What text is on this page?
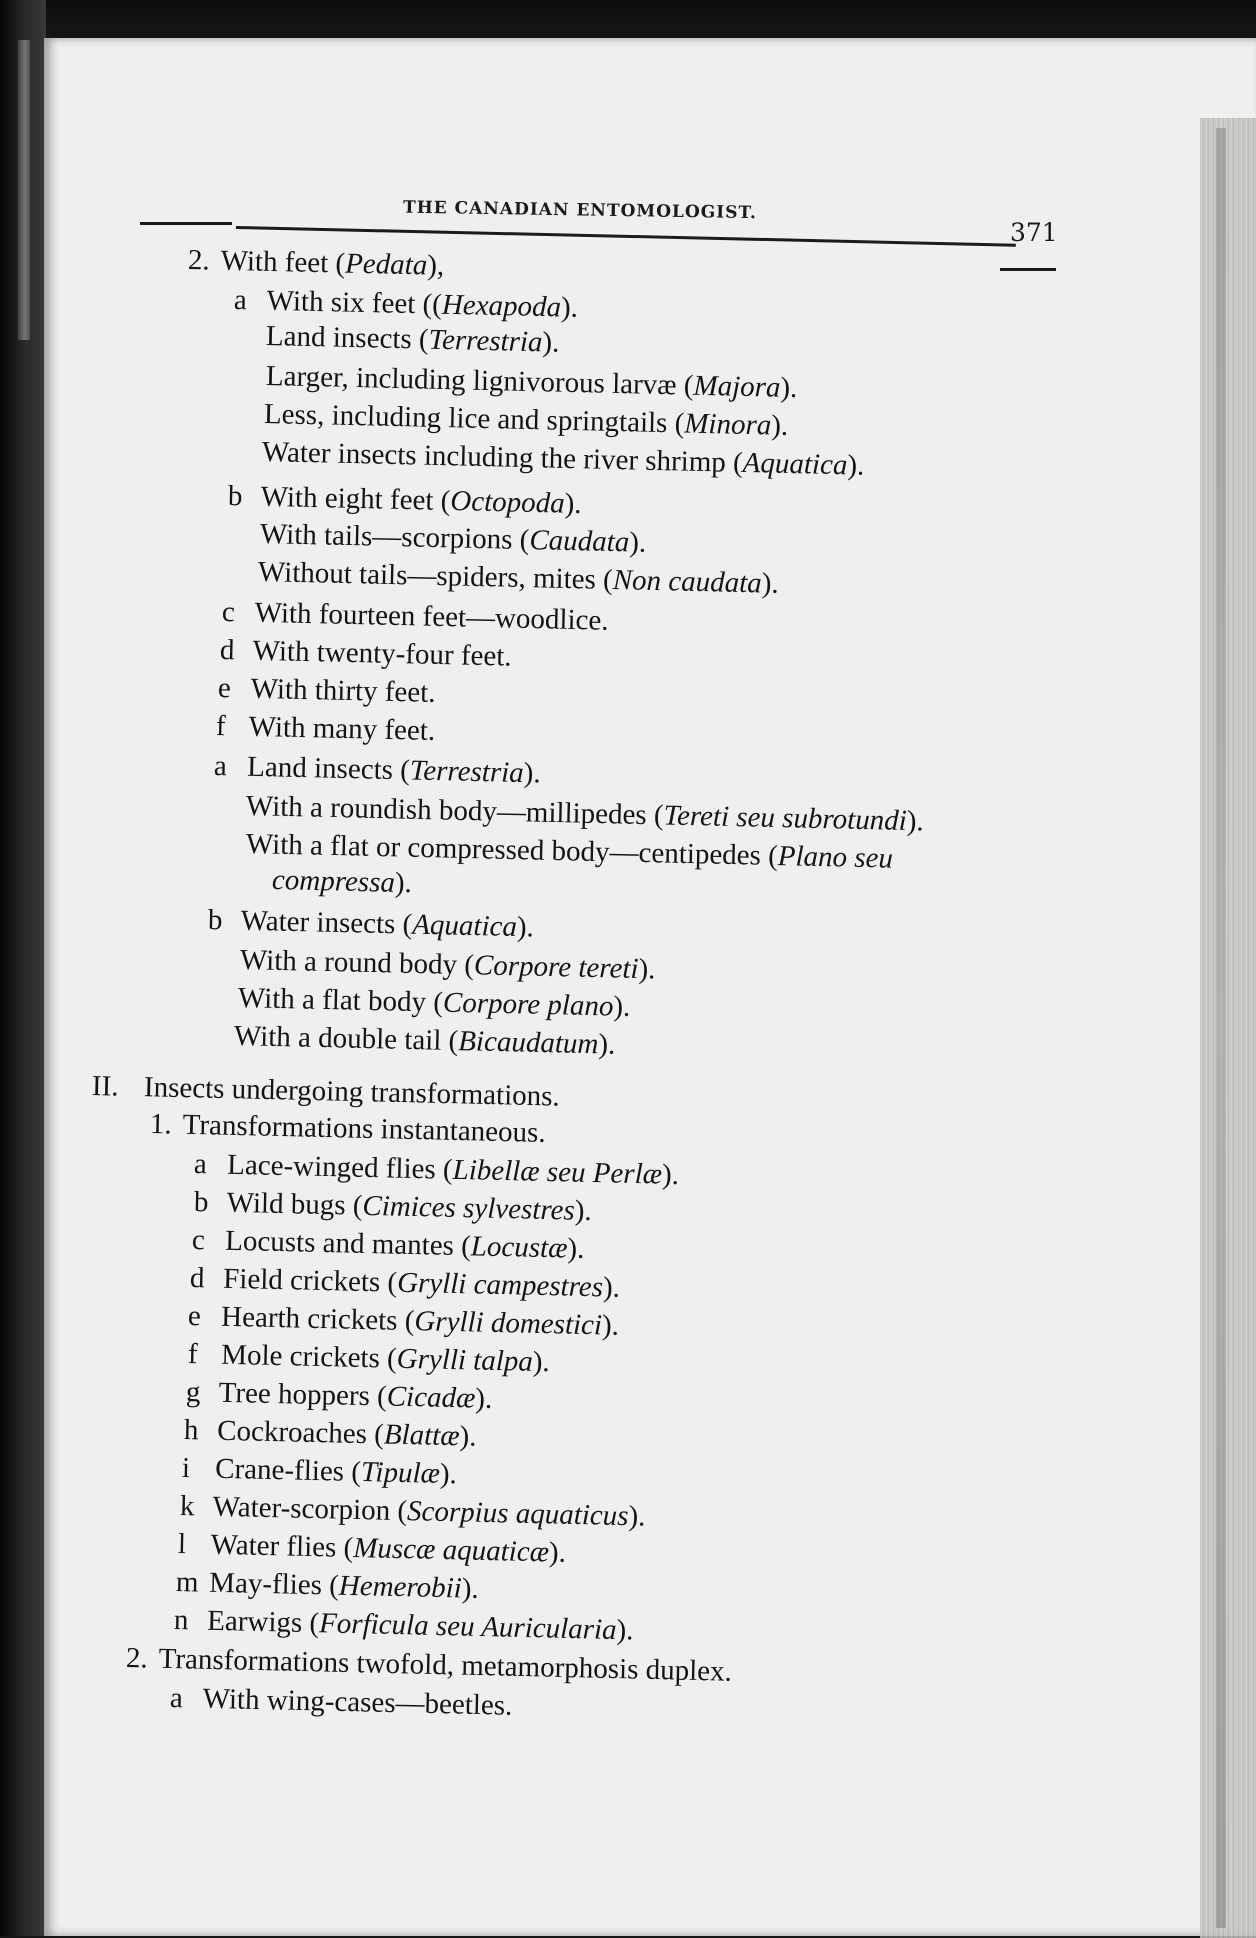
THE CANADIAN ENTOMOLOGIST.
371
2. With feet (Pedata),
a With six feet ((Hexapoda).
Land insects (Terrestria).
Larger, including lignivorous larvæ (Majora).
Less, including lice and springtails (Minora).
Water insects including the river shrimp (Aquatica).
b With eight feet (Octopoda).
With tails—scorpions (Caudata).
Without tails—spiders, mites (Non caudata).
c With fourteen feet—woodlice.
d With twenty-four feet.
e With thirty feet.
f With many feet.
a Land insects (Terrestria).
With a roundish body—millipedes (Tereti seu subrotundi).
With a flat or compressed body—centipedes (Plano seu
compressa).
b Water insects (Aquatica).
With a round body (Corpore tereti).
With a flat body (Corpore plano).
With a double tail (Bicaudatum).
II. Insects undergoing transformations.
1. Transformations instantaneous.
a Lace-winged flies (Libellæ seu Perlæ).
b Wild bugs (Cimices sylvestres).
c Locusts and mantes (Locustæ).
d Field crickets (Grylli campestres).
e Hearth crickets (Grylli domestici).
f Mole crickets (Grylli talpa).
g Tree hoppers (Cicadæ).
h Cockroaches (Blattæ).
i Crane-flies (Tipulæ).
k Water-scorpion (Scorpius aquaticus).
l Water flies (Muscæ aquaticæ).
m May-flies (Hemerobii).
n Earwigs (Forficula seu Auricularia).
2. Transformations twofold, metamorphosis duplex.
a With wing-cases—beetles.
